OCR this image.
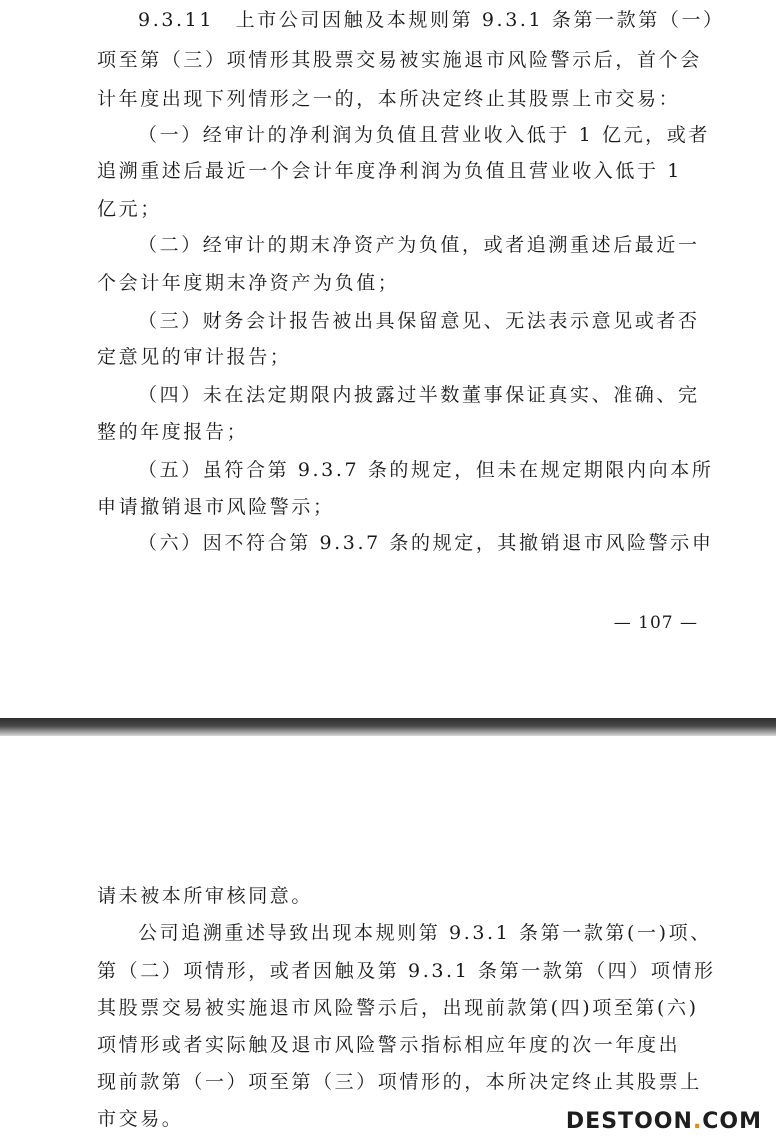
9.3.11　上市公司因触及本规则第 9.3.1 条第一款第（一）
项至第（三）项情形其股票交易被实施退市风险警示后，首个会
计年度出现下列情形之一的，本所决定终止其股票上市交易：
（一）经审计的净利润为负值且营业收入低于 1 亿元，或者
追溯重述后最近一个会计年度净利润为负值且营业收入低于 1
亿元；
（二）经审计的期末净资产为负值，或者追溯重述后最近一
个会计年度期末净资产为负值；
（三）财务会计报告被出具保留意见、无法表示意见或者否
定意见的审计报告；
（四）未在法定期限内披露过半数董事保证真实、准确、完
整的年度报告；
（五）虽符合第 9.3.7 条的规定，但未在规定期限内向本所
申请撤销退市风险警示；
（六）因不符合第 9.3.7 条的规定，其撤销退市风险警示申
— 107 —
请未被本所审核同意。
公司追溯重述导致出现本规则第 9.3.1 条第一款第(一)项、
第（二）项情形，或者因触及第 9.3.1 条第一款第（四）项情形
其股票交易被实施退市风险警示后，出现前款第(四)项至第(六)
项情形或者实际触及退市风险警示指标相应年度的次一年度出
现前款第（一）项至第（三）项情形的，本所决定终止其股票上
市交易。	DESTOON.COM
